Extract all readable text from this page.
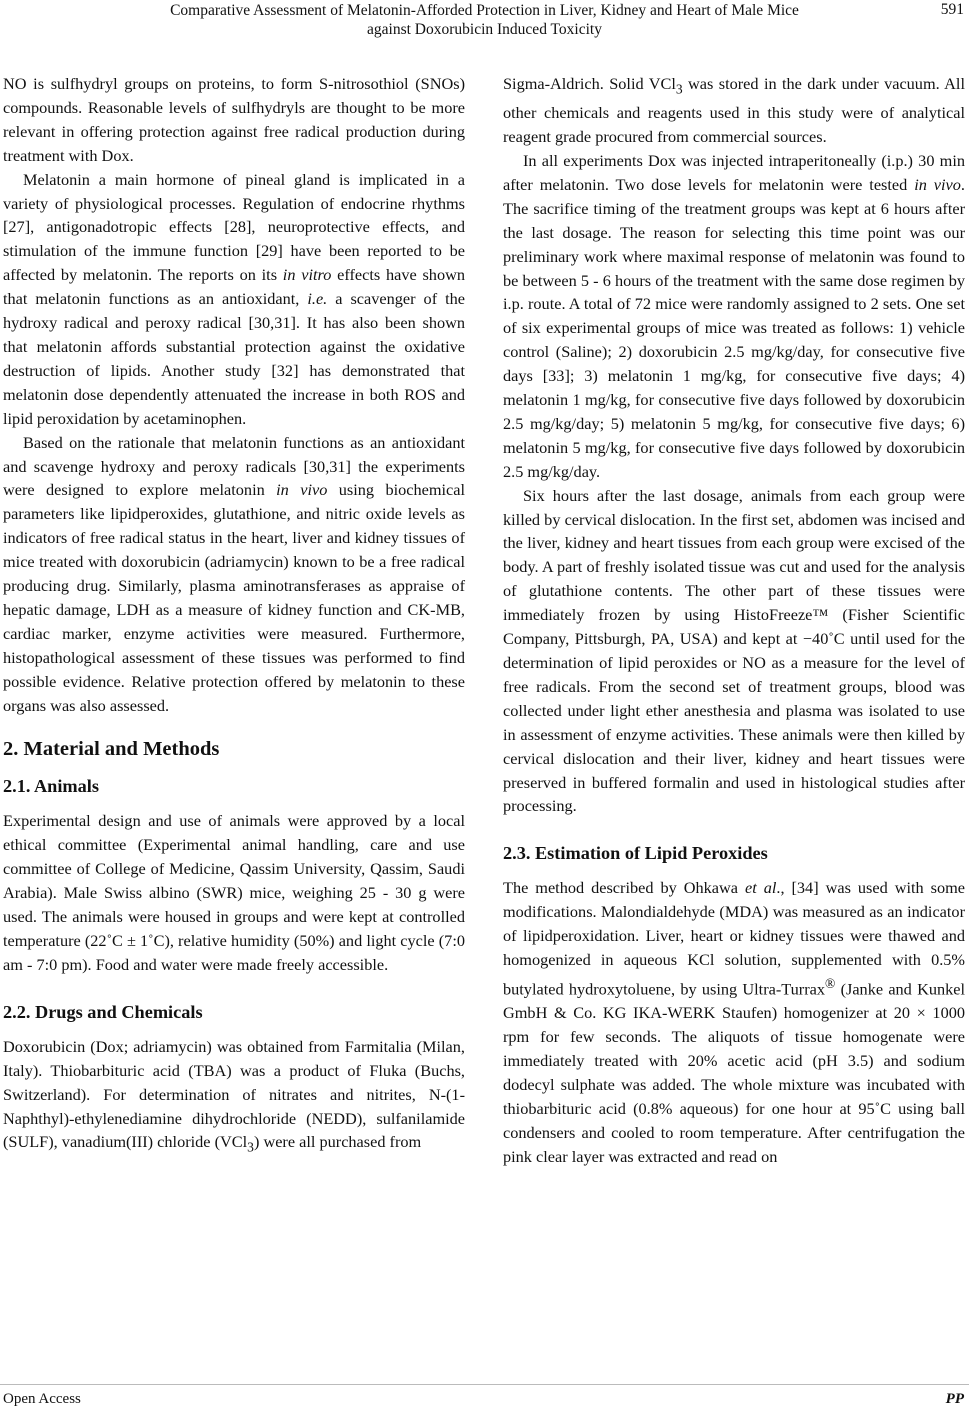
Comparative Assessment of Melatonin-Afforded Protection in Liver, Kidney and Heart of Male Mice
against Doxorubicin Induced Toxicity
591

NO is sulfhydryl groups on proteins, to form S-nitrosothiol (SNOs) compounds. Reasonable levels of sulfhydryls are thought to be more relevant in offering protection against free radical production during treatment with Dox.

Melatonin a main hormone of pineal gland is implicated in a variety of physiological processes. Regulation of endocrine rhythms [27], antigonadotropic effects [28], neuroprotective effects, and stimulation of the immune function [29] have been reported to be affected by melatonin. The reports on its in vitro effects have shown that melatonin functions as an antioxidant, i.e. a scavenger of the hydroxy radical and peroxy radical [30,31]. It has also been shown that melatonin affords substantial protection against the oxidative destruction of lipids. Another study [32] has demonstrated that melatonin dose dependently attenuated the increase in both ROS and lipid peroxidation by acetaminophen.

Based on the rationale that melatonin functions as an antioxidant and scavenge hydroxy and peroxy radicals [30,31] the experiments were designed to explore melatonin in vivo using biochemical parameters like lipidperoxides, glutathione, and nitric oxide levels as indicators of free radical status in the heart, liver and kidney tissues of mice treated with doxorubicin (adriamycin) known to be a free radical producing drug. Similarly, plasma aminotransferases as appraise of hepatic damage, LDH as a measure of kidney function and CK-MB, cardiac marker, enzyme activities were measured. Furthermore, histopathological assessment of these tissues was performed to find possible evidence. Relative protection offered by melatonin to these organs was also assessed.

2. Material and Methods
2.1. Animals

Experimental design and use of animals were approved by a local ethical committee (Experimental animal handling, care and use committee of College of Medicine, Qassim University, Qassim, Saudi Arabia). Male Swiss albino (SWR) mice, weighing 25 - 30 g were used. The animals were housed in groups and were kept at controlled temperature (22˚C ± 1˚C), relative humidity (50%) and light cycle (7:0 am - 7:0 pm). Food and water were made freely accessible.

2.2. Drugs and Chemicals

Doxorubicin (Dox; adriamycin) was obtained from Farmitalia (Milan, Italy). Thiobarbituric acid (TBA) was a product of Fluka (Buchs, Switzerland). For determination of nitrates and nitrites, N-(1-Naphthyl)-ethylenediamine dihydrochloride (NEDD), sulfanilamide (SULF), vanadium(III) chloride (VCl$_3$) were all purchased from

Sigma-Aldrich. Solid VCl$_3$ was stored in the dark under vacuum. All other chemicals and reagents used in this study were of analytical reagent grade procured from commercial sources.

In all experiments Dox was injected intraperitoneally (i.p.) 30 min after melatonin. Two dose levels for melatonin were tested in vivo. The sacrifice timing of the treatment groups was kept at 6 hours after the last dosage. The reason for selecting this time point was our preliminary work where maximal response of melatonin was found to be between 5 - 6 hours of the treatment with the same dose regimen by i.p. route. A total of 72 mice were randomly assigned to 2 sets. One set of six experimental groups of mice was treated as follows: 1) vehicle control (Saline); 2) doxorubicin 2.5 mg/kg/day, for consecutive five days [33]; 3) melatonin 1 mg/kg, for consecutive five days; 4) melatonin 1 mg/kg, for consecutive five days followed by doxorubicin 2.5 mg/kg/day; 5) melatonin 5 mg/kg, for consecutive five days; 6) melatonin 5 mg/kg, for consecutive five days followed by doxorubicin 2.5 mg/kg/day.

Six hours after the last dosage, animals from each group were killed by cervical dislocation. In the first set, abdomen was incised and the liver, kidney and heart tissues from each group were excised of the body. A part of freshly isolated tissue was cut and used for the analysis of glutathione contents. The other part of these tissues were immediately frozen by using HistoFreeze™ (Fisher Scientific Company, Pittsburgh, PA, USA) and kept at −40˚C until used for the determination of lipid peroxides or NO as a measure for the level of free radicals. From the second set of treatment groups, blood was collected under light ether anesthesia and plasma was isolated to use in assessment of enzyme activities. These animals were then killed by cervical dislocation and their liver, kidney and heart tissues were preserved in buffered formalin and used in histological studies after processing.

2.3. Estimation of Lipid Peroxides

The method described by Ohkawa et al., [34] was used with some modifications. Malondialdehyde (MDA) was measured as an indicator of lipidperoxidation. Liver, heart or kidney tissues were thawed and homogenized in aqueous KCl solution, supplemented with 0.5% butylated hydroxytoluene, by using Ultra-Turrax® (Janke and Kunkel GmbH & Co. KG IKA-WERK Staufen) homogenizer at 20 × 1000 rpm for few seconds. The aliquots of tissue homogenate were immediately treated with 20% acetic acid (pH 3.5) and sodium dodecyl sulphate was added. The whole mixture was incubated with thiobarbituric acid (0.8% aqueous) for one hour at 95˚C using ball condensers and cooled to room temperature. After centrifugation the pink clear layer was extracted and read on

Open Access	PP
